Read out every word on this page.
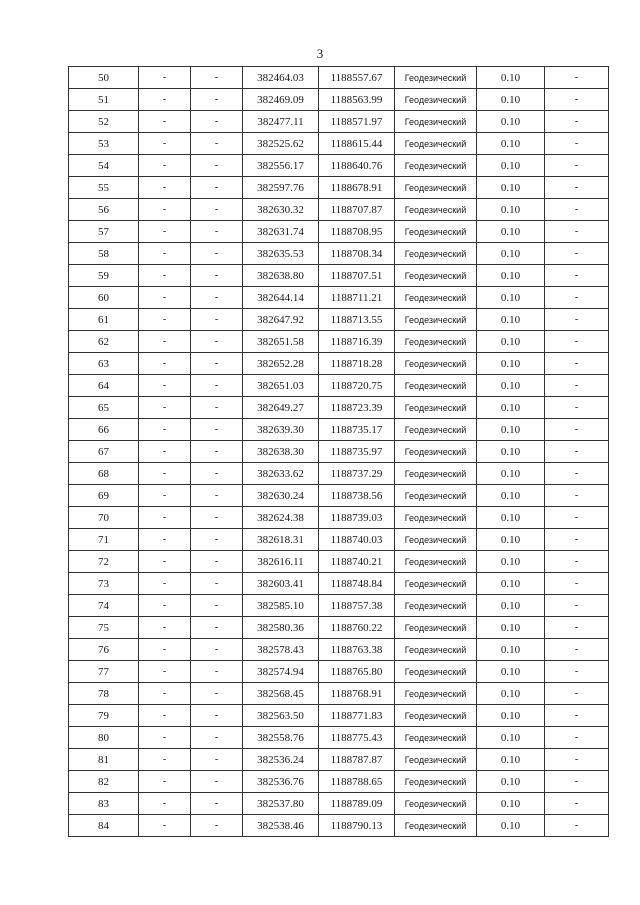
3
50	-	-	382464.03	1188557.67	Геодезический	0.10	-
51	-	-	382469.09	1188563.99	Геодезический	0.10	-
52	-	-	382477.11	1188571.97	Геодезический	0.10	-
53	-	-	382525.62	1188615.44	Геодезический	0.10	-
54	-	-	382556.17	1188640.76	Геодезический	0.10	-
55	-	-	382597.76	1188678.91	Геодезический	0.10	-
56	-	-	382630.32	1188707.87	Геодезический	0.10	-
57	-	-	382631.74	1188708.95	Геодезический	0.10	-
58	-	-	382635.53	1188708.34	Геодезический	0.10	-
59	-	-	382638.80	1188707.51	Геодезический	0.10	-
60	-	-	382644.14	1188711.21	Геодезический	0.10	-
61	-	-	382647.92	1188713.55	Геодезический	0.10	-
62	-	-	382651.58	1188716.39	Геодезический	0.10	-
63	-	-	382652.28	1188718.28	Геодезический	0.10	-
64	-	-	382651.03	1188720.75	Геодезический	0.10	-
65	-	-	382649.27	1188723.39	Геодезический	0.10	-
66	-	-	382639.30	1188735.17	Геодезический	0.10	-
67	-	-	382638.30	1188735.97	Геодезический	0.10	-
68	-	-	382633.62	1188737.29	Геодезический	0.10	-
69	-	-	382630.24	1188738.56	Геодезический	0.10	-
70	-	-	382624.38	1188739.03	Геодезический	0.10	-
71	-	-	382618.31	1188740.03	Геодезический	0.10	-
72	-	-	382616.11	1188740.21	Геодезический	0.10	-
73	-	-	382603.41	1188748.84	Геодезический	0.10	-
74	-	-	382585.10	1188757.38	Геодезический	0.10	-
75	-	-	382580.36	1188760.22	Геодезический	0.10	-
76	-	-	382578.43	1188763.38	Геодезический	0.10	-
77	-	-	382574.94	1188765.80	Геодезический	0.10	-
78	-	-	382568.45	1188768.91	Геодезический	0.10	-
79	-	-	382563.50	1188771.83	Геодезический	0.10	-
80	-	-	382558.76	1188775.43	Геодезический	0.10	-
81	-	-	382536.24	1188787.87	Геодезический	0.10	-
82	-	-	382536.76	1188788.65	Геодезический	0.10	-
83	-	-	382537.80	1188789.09	Геодезический	0.10	-
84	-	-	382538.46	1188790.13	Геодезический	0.10	-
